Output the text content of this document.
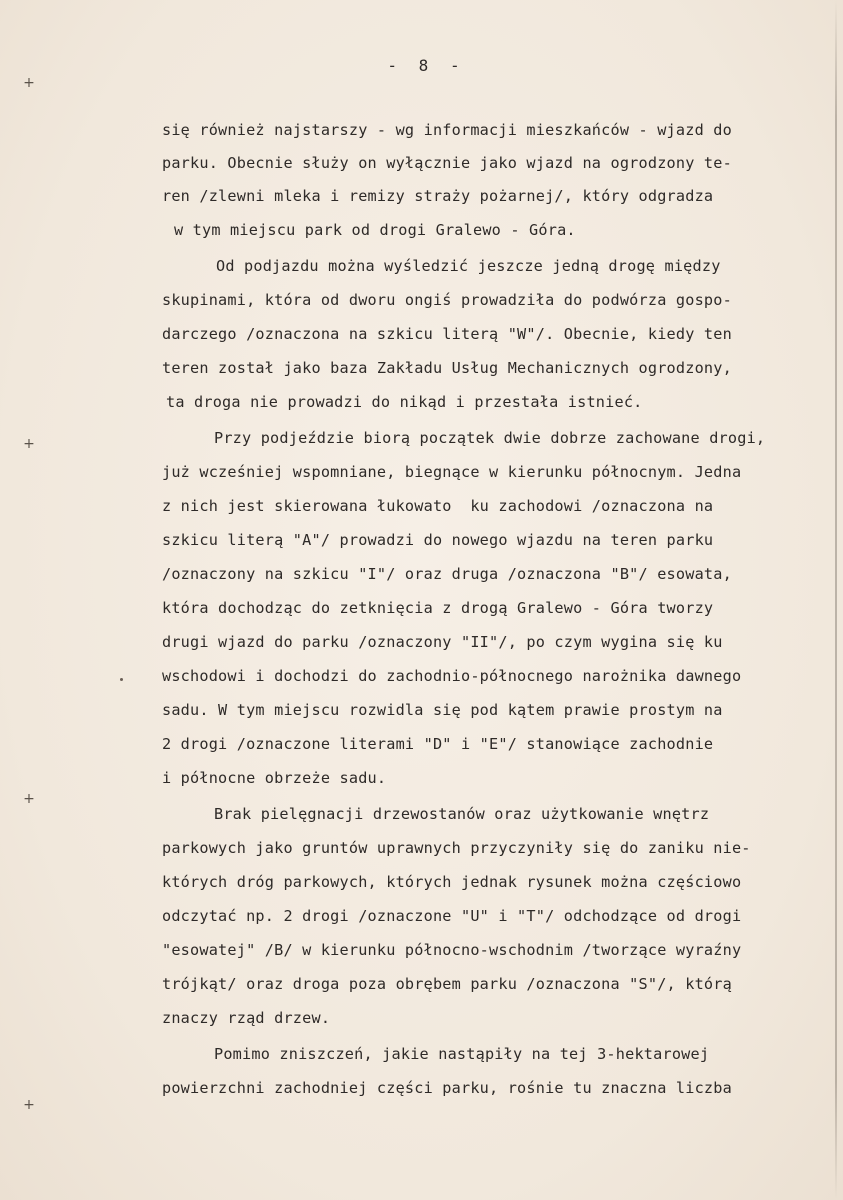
+
+
+
+
- 8 -
się również najstarszy - wg informacji mieszkańców - wjazd do
parku. Obecnie służy on wyłącznie jako wjazd na ogrodzony te-
ren /zlewni mleka i remizy straży pożarnej/, który odgradza
w tym miejscu park od drogi Gralewo - Góra.
Od podjazdu można wyśledzić jeszcze jedną drogę między
skupinami, która od dworu ongiś prowadziła do podwórza gospo-
darczego /oznaczona na szkicu literą "W"/. Obecnie, kiedy ten
teren został jako baza Zakładu Usług Mechanicznych ogrodzony,
ta droga nie prowadzi do nikąd i przestała istnieć.
Przy podjeździe biorą początek dwie dobrze zachowane drogi,
już wcześniej wspomniane, biegnące w kierunku północnym. Jedna
z nich jest skierowana łukowato  ku zachodowi /oznaczona na
szkicu literą "A"/ prowadzi do nowego wjazdu na teren parku
/oznaczony na szkicu "I"/ oraz druga /oznaczona "B"/ esowata,
która dochodząc do zetknięcia z drogą Gralewo - Góra tworzy
drugi wjazd do parku /oznaczony "II"/, po czym wygina się ku
wschodowi i dochodzi do zachodnio-północnego narożnika dawnego
sadu. W tym miejscu rozwidla się pod kątem prawie prostym na
2 drogi /oznaczone literami "D" i "E"/ stanowiące zachodnie
i północne obrzeże sadu.
Brak pielęgnacji drzewostanów oraz użytkowanie wnętrz
parkowych jako gruntów uprawnych przyczyniły się do zaniku nie-
których dróg parkowych, których jednak rysunek można częściowo
odczytać np. 2 drogi /oznaczone "U" i "T"/ odchodzące od drogi
"esowatej" /B/ w kierunku północno-wschodnim /tworzące wyraźny
trójkąt/ oraz droga poza obrębem parku /oznaczona "S"/, którą
znaczy rząd drzew.
Pomimo zniszczeń, jakie nastąpiły na tej 3-hektarowej
powierzchni zachodniej części parku, rośnie tu znaczna liczba
